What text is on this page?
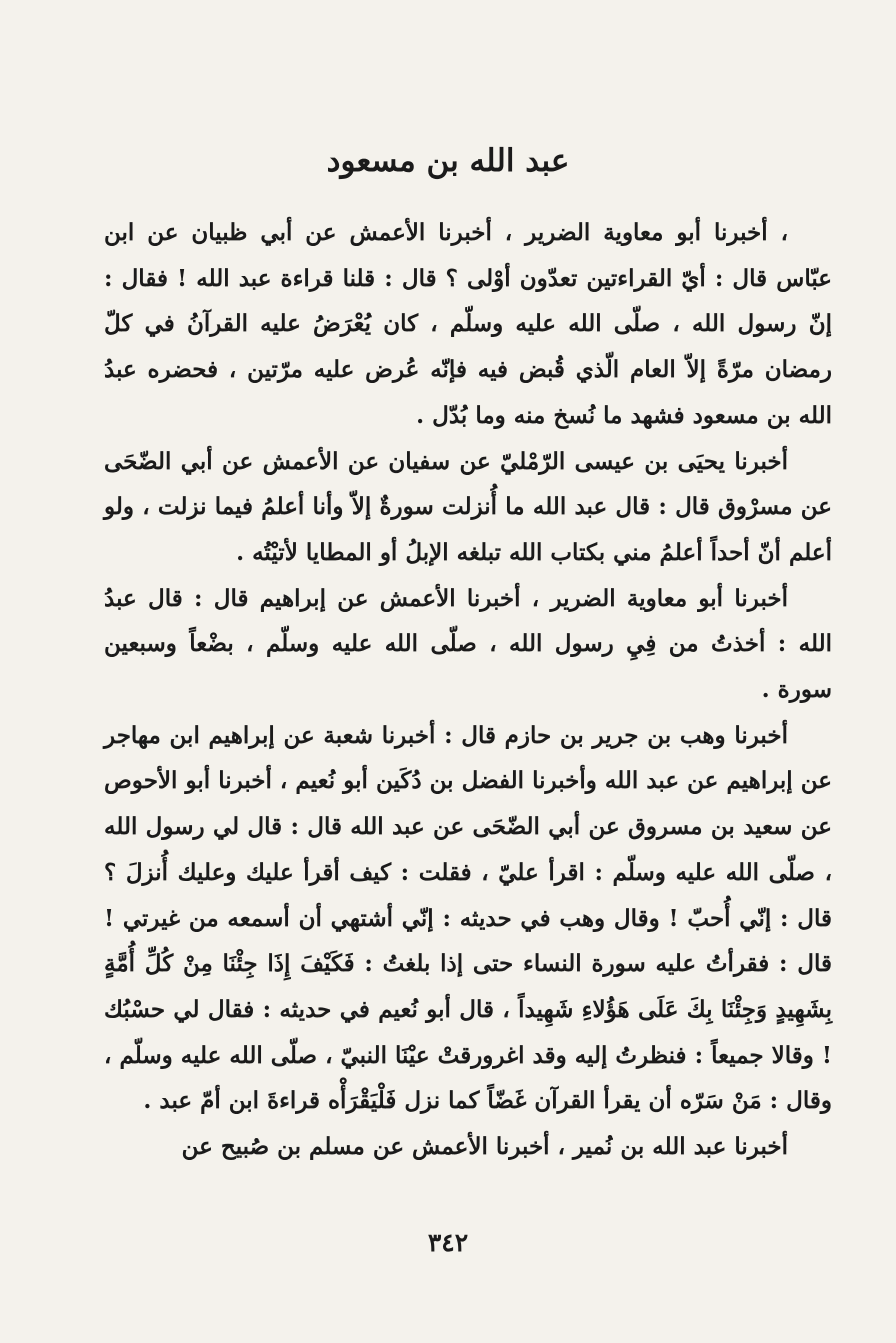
عبد الله بن مسعود

، أخبرنا أبو معاوية الضرير ، أخبرنا الأعمش عن أبي ظبيان عن ابن عبّاس قال : أيّ القراءتين تعدّون أوْلى ؟ قال : قلنا قراءة عبد الله ! فقال : إنّ رسول الله ، صلّى الله عليه وسلّم ، كان يُعْرَضُ عليه القرآنُ في كلّ رمضان مرّةً إلاّ العام الّذي قُبض فيه فإنّه عُرض عليه مرّتين ، فحضره عبدُ الله بن مسعود فشهد ما نُسخ منه وما بُدّل .

أخبرنا يحيَى بن عيسى الرّمْليّ عن سفيان عن الأعمش عن أبي الضّحَى عن مسرْوق قال : قال عبد الله ما أُنزلت سورةٌ إلاّ وأنا أعلمُ فيما نزلت ، ولو أعلم أنّ أحداً أعلمُ مني بكتاب الله تبلغه الإبلُ أو المطايا لأتيْتُه .

أخبرنا أبو معاوية الضرير ، أخبرنا الأعمش عن إبراهيم قال : قال عبدُ الله : أخذتُ من فِيِ رسول الله ، صلّى الله عليه وسلّم ، بضْعاً وسبعين سورة .

أخبرنا وهب بن جرير بن حازم قال : أخبرنا شعبة عن إبراهيم ابن مهاجر عن إبراهيم عن عبد الله وأخبرنا الفضل بن دُكَين أبو نُعيم ، أخبرنا أبو الأحوص عن سعيد بن مسروق عن أبي الضّحَى عن عبد الله قال : قال لي رسول الله ، صلّى الله عليه وسلّم : اقرأ عليّ ، فقلت : كيف أقرأ عليك وعليك أُنزلَ ؟ قال : إنّي أُحبّ ! وقال وهب في حديثه : إنّي أشتهي أن أسمعه من غيرتي ! قال : فقرأتُ عليه سورة النساء حتى إذا بلغتُ : فَكَيْفَ إِذَا جِئْنَا مِنْ كُلِّ أُمَّةٍ بِشَهِيدٍ وَجِئْنَا بِكَ عَلَى هَؤُلاءِ شَهِيداً ، قال أبو نُعيم في حديثه : فقال لي حسْبُك ! وقالا جميعاً : فنظرتُ إليه وقد اغرورقتْ عيْنَا النبيّ ، صلّى الله عليه وسلّم ، وقال : مَنْ سَرّه أن يقرأ القرآن غَضّاً كما نزل فَلْيَقْرَأْه قراءةَ ابن أمّ عبد .

أخبرنا عبد الله بن نُمير ، أخبرنا الأعمش عن مسلم بن صُبيح عن

٣٤٢
